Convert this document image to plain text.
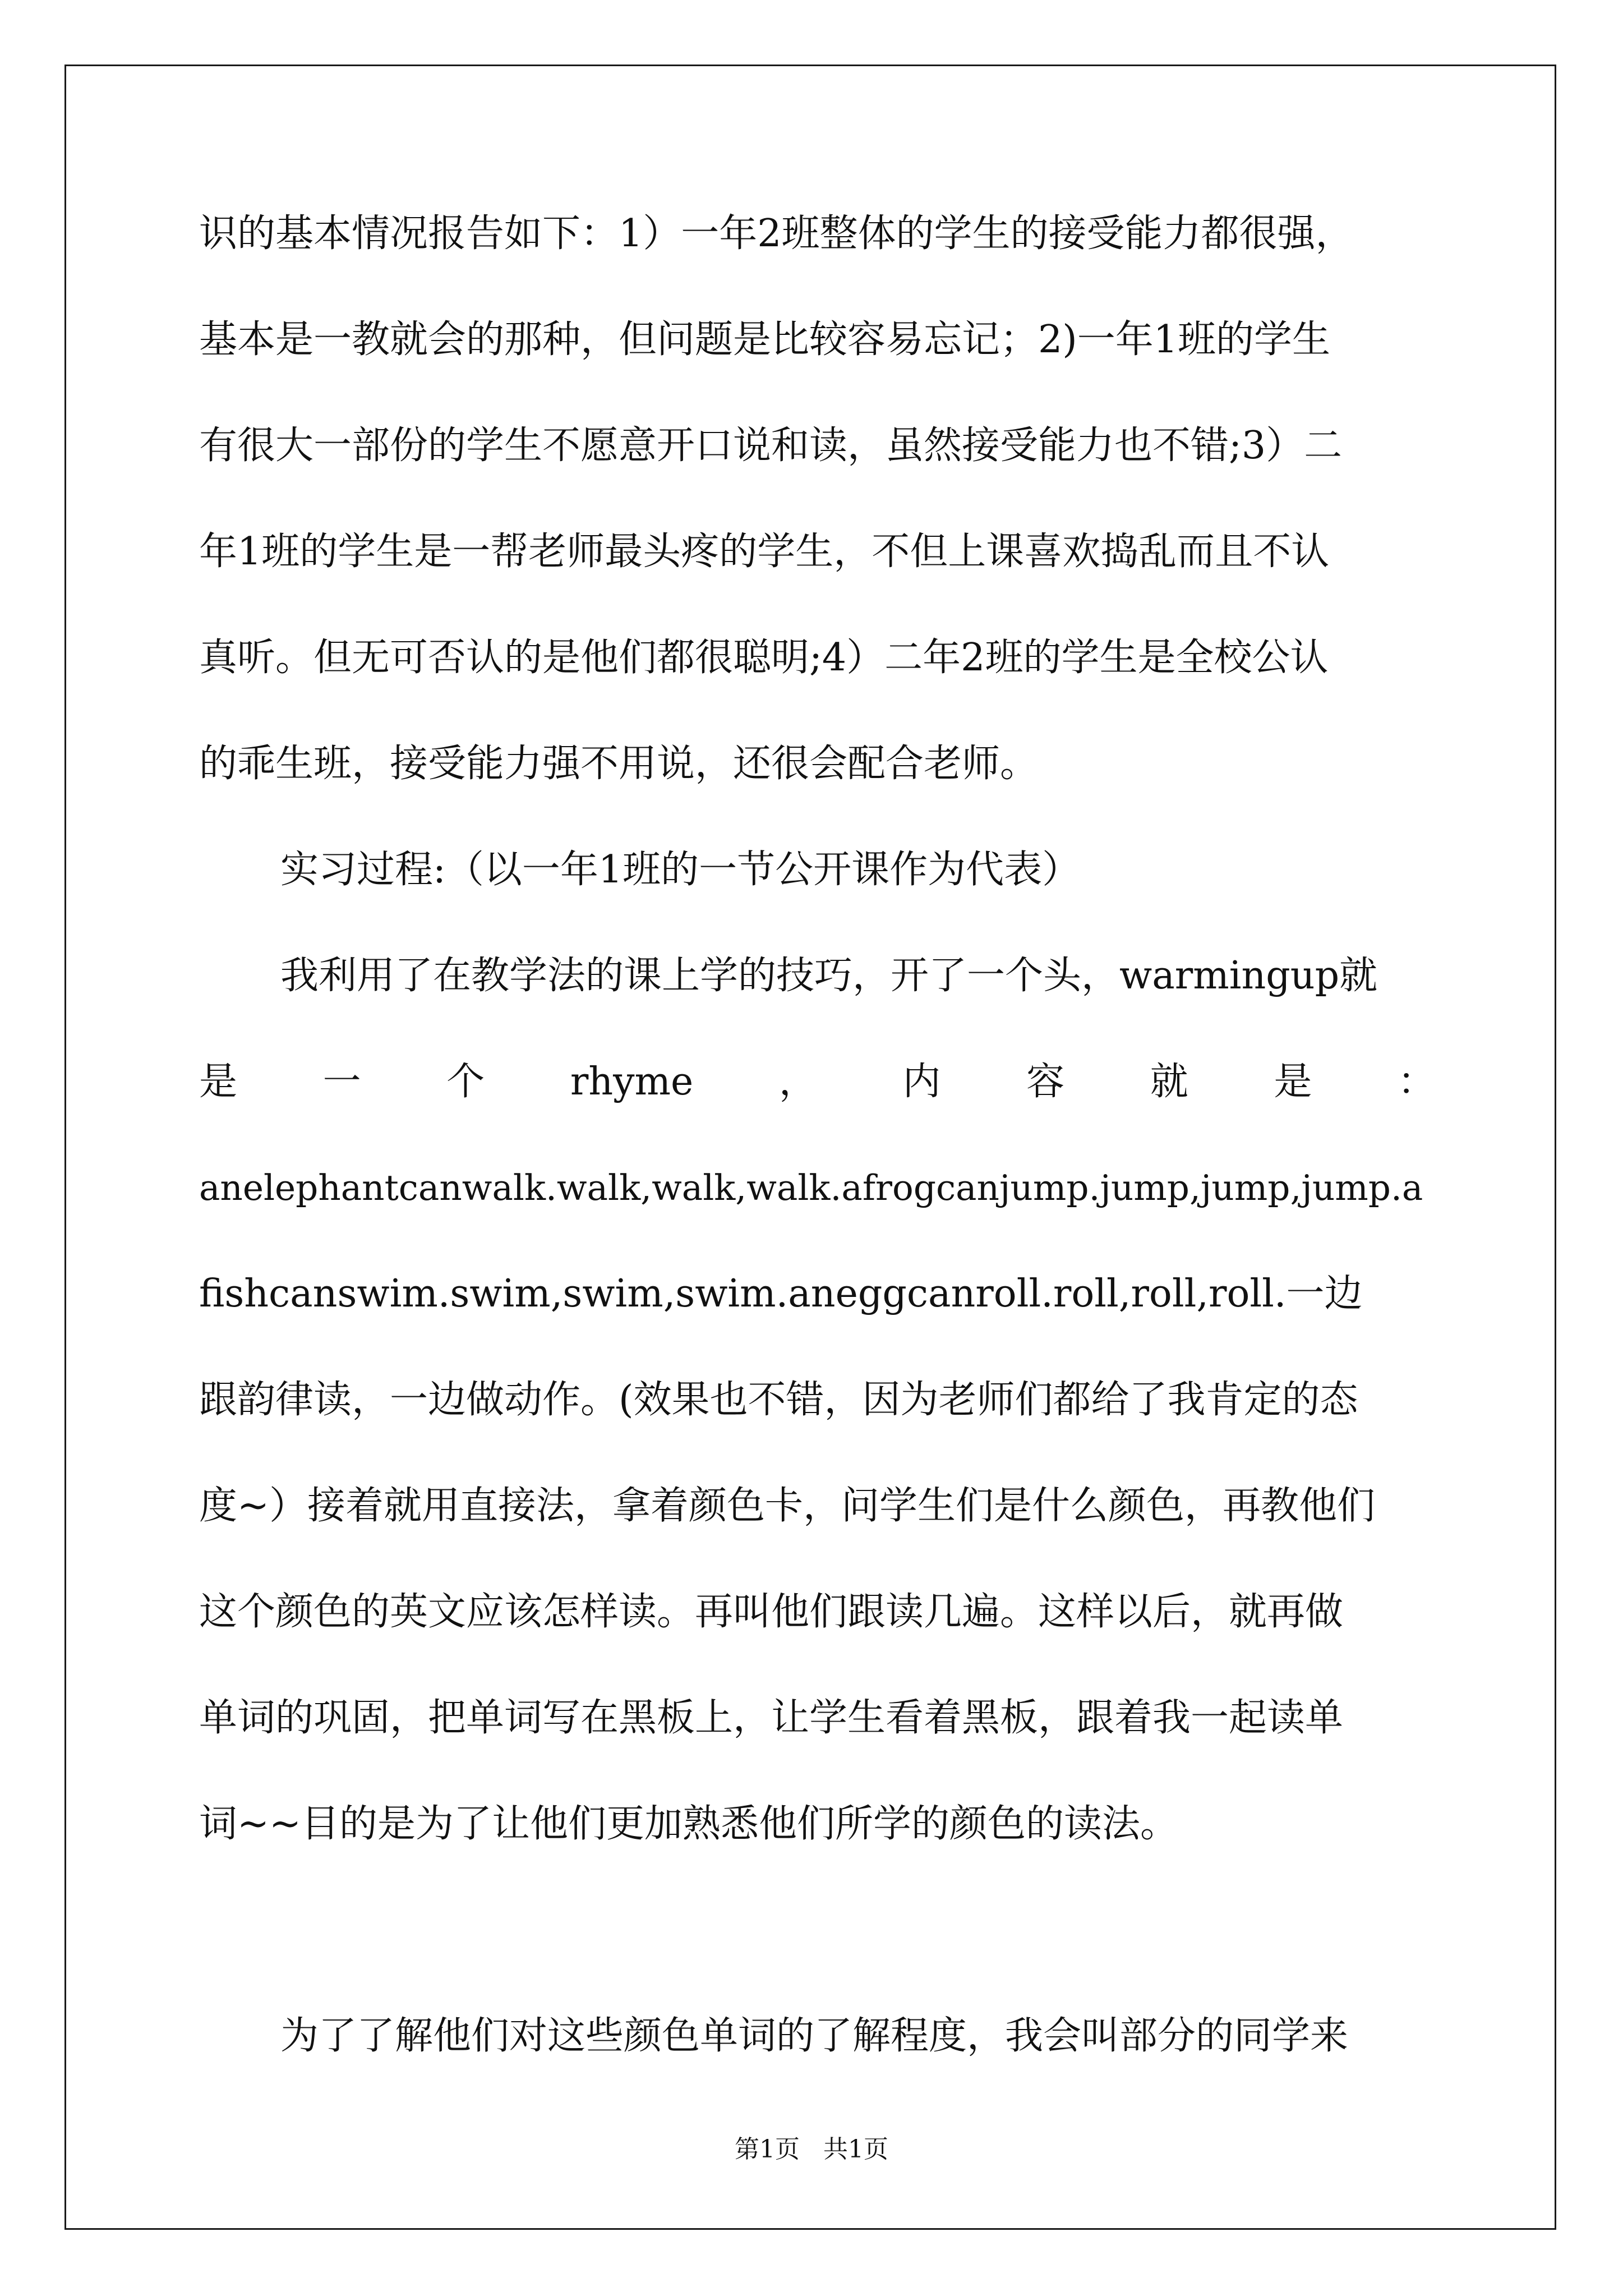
识的基本情况报告如下：1）一年2班整体的学生的接受能力都很强，
基本是一教就会的那种，但问题是比较容易忘记；2)一年1班的学生
有很大一部份的学生不愿意开口说和读，虽然接受能力也不错;3）二
年1班的学生是一帮老师最头疼的学生，不但上课喜欢捣乱而且不认
真听。但无可否认的是他们都很聪明;4）二年2班的学生是全校公认
的乖生班，接受能力强不用说，还很会配合老师。
实习过程:（以一年1班的一节公开课作为代表）
我利用了在教学法的课上学的技巧，开了一个头，warmingup就
是 一 个 rhyme ， 内 容 就 是 ：
anelephantcanwalk.walk,walk,walk.afrogcanjump.jump,jump,jump.a
fishcanswim.swim,swim,swim.aneggcanroll.roll,roll,roll.一边
跟韵律读，一边做动作。(效果也不错，因为老师们都给了我肯定的态
度~）接着就用直接法，拿着颜色卡，问学生们是什么颜色，再教他们
这个颜色的英文应该怎样读。再叫他们跟读几遍。这样以后，就再做
单词的巩固，把单词写在黑板上，让学生看着黑板，跟着我一起读单
词~~目的是为了让他们更加熟悉他们所学的颜色的读法。
为了了解他们对这些颜色单词的了解程度，我会叫部分的同学来
第1页   共1页
